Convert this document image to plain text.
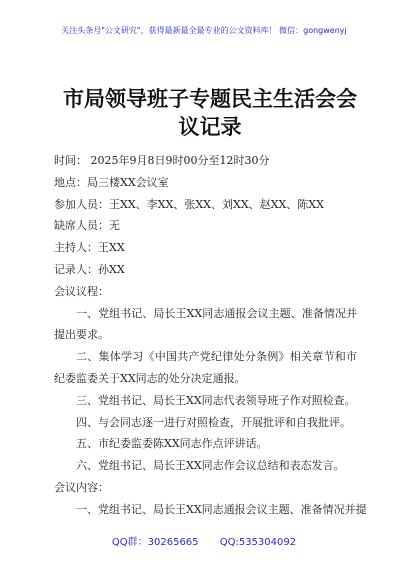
关注头条号"公文研究"，获得最新最全最专业的公文资料库！ 微信：gongwenyj
市局领导班子专题民主生活会会议记录
时间： 2025年9月8日9时00分至12时30分
地点：局三楼XX会议室
参加人员：王XX、李XX、张XX、刘XX、赵XX、陈XX
缺席人员：无
主持人：王XX
记录人：孙XX
会议议程：
一、党组书记、局长王XX同志通报会议主题、准备情况并提出要求。
二、集体学习《中国共产党纪律处分条例》相关章节和市纪委监委关于XX同志的处分决定通报。
三、党组书记、局长王XX同志代表领导班子作对照检查。
四、与会同志逐一进行对照检查，开展批评和自我批评。
五、市纪委监委陈XX同志作点评讲话。
六、党组书记、局长王XX同志作会议总结和表态发言。
会议内容：
一、党组书记、局长王XX同志通报会议主题、准备情况并提
QQ群：30265665 QQ:535304092
